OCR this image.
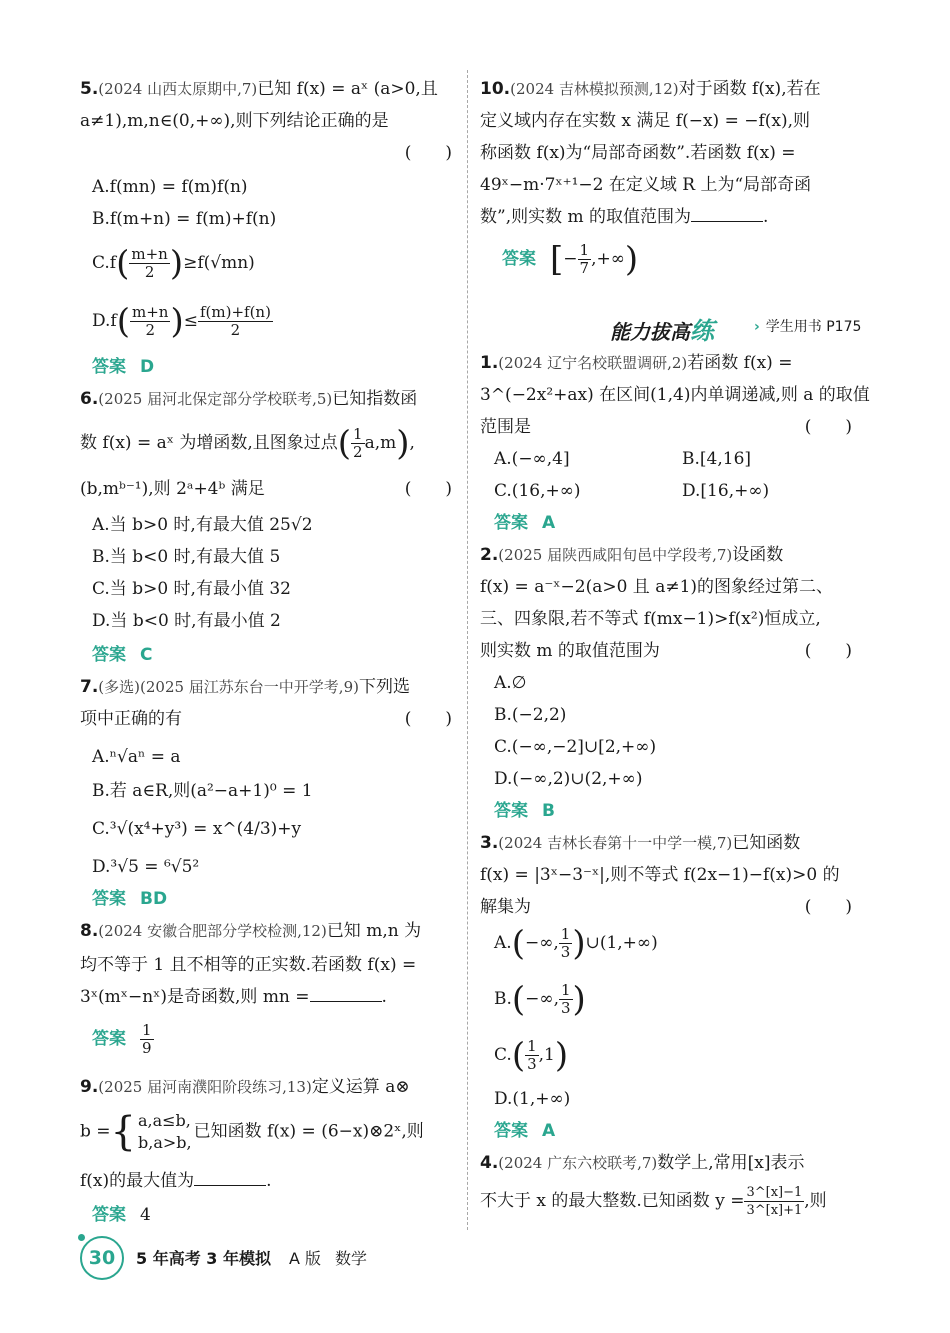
5.(2024 山西太原期中,7)已知 f(x) = aˣ (a>0,且
a≠1),m,n∈(0,+∞),则下列结论正确的是
(　　)
A.f(mn) = f(m)f(n)
B.f(m+n) = f(m)+f(n)
$C.f( \frac{m+n}{2} )\ge f(√mn)$
$D.f( \frac{m+n}{2}$ )≤ $\frac{f(m)+f(n)}{2}$
答案 D
6.(2025 届河北保定部分学校联考,5)已知指数函
数 f(x) = aˣ 为增函数,且图象过点( $\frac{1}{2} a,m$),
(b,mᵇ⁻¹),则 2ᵃ+4ᵇ 满足	(　　)
A.当 b>0 时,有最大值 25√2
B.当 b<0 时,有最大值 5
C.当 b>0 时,有最小值 32
D.当 b<0 时,有最小值 2
答案 C
7.(多选)(2025 届江苏东台一中开学考,9)下列选
项中正确的有	(　　)
A.ⁿ√aⁿ = a
B.若 a∈R,则(a²−a+1)⁰ = 1
C.³√(x⁴+y³) = x^(4/3)+y
D.³√5 = ⁶√5²
答案 BD
8.(2024 安徽合肥部分学校检测,12)已知 m,n 为
均不等于 1 且不相等的正实数.若函数 f(x) =
3ˣ(mˣ−nˣ)是奇函数,则 mn =	.
答案 $\frac{1}{9}$
9.(2025 届河南濮阳阶段练习,13)定义运算 a⊗
b ={ a,a≤b,
b,a>b,
已知函数 f(x) = (6−x)⊗2ˣ,则
f(x)的最大值为	.
答案 4
10.(2024 吉林模拟预测,12)对于函数 f(x),若在
定义域内存在实数 x 满足 f(−x) = −f(x),则
称函数 f(x)为“局部奇函数”.若函数 f(x) =
49ˣ−m·7ˣ⁺¹−2 在定义域 R 上为“局部奇函
数”,则实数 m 的取值范围为	.
答案 [− $\frac{1}{7}$ ,+∞)
能力拔高练	› 学生用书 P175
1.(2024 辽宁名校联盟调研,2)若函数 f(x) =
3^(−2x²+ax) 在区间(1,4)内单调递减,则 a 的取值
范围是	(　　)
A.(−∞,4]	B.[4,16]
C.(16,+∞)	D.[16,+∞)
答案 A
2.(2025 届陕西咸阳旬邑中学段考,7)设函数
f(x) = a⁻ˣ−2(a>0 且 a≠1)的图象经过第二、
三、四象限,若不等式 f(mx−1)>f(x²)恒成立,
则实数 m 的取值范围为	(　　)
A.∅
B.(−2,2)
C.(−∞,−2]∪[2,+∞)
D.(−∞,2)∪(2,+∞)
答案 B
3.(2024 吉林长春第十一中学一模,7)已知函数
f(x) = |3ˣ−3⁻ˣ|,则不等式 f(2x−1)−f(x)>0 的
解集为	(　　)
A.(−∞, $\frac{1}{3}$ )∪(1,+∞)
B.(−∞, $\frac{1}{3}$ )
$C.( \frac{1}{3} ,1)$
D.(1,+∞)
答案 A
4.(2024 广东六校联考,7)数学上,常用[x]表示
不大于 x 的最大整数.已知函数 $y = \frac{3\^{}[x]-1}{3\^{}[x]+1}$ ,则
30	5 年高考 3 年模拟 A 版 数学
